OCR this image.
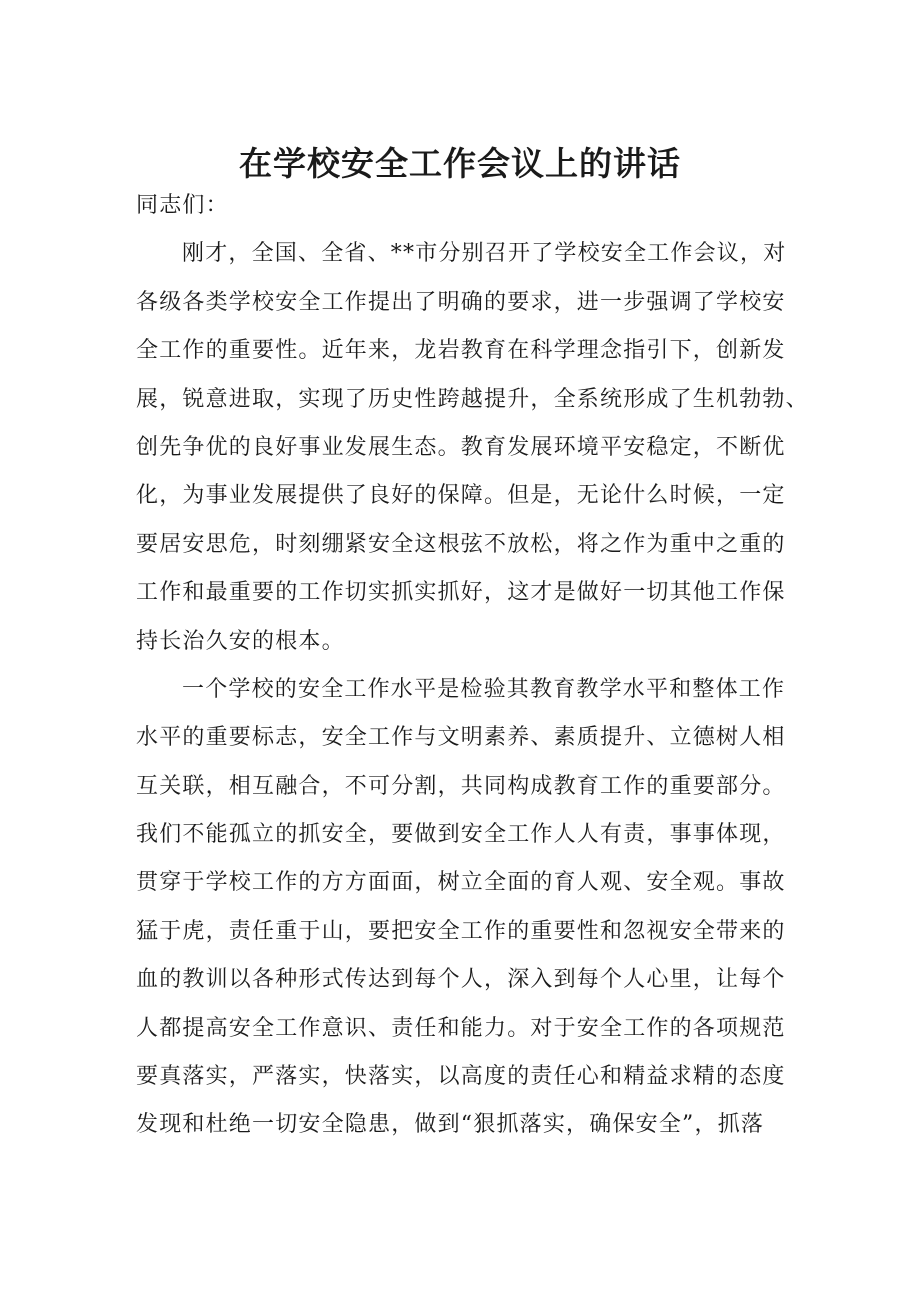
在学校安全工作会议上的讲话
同志们：
刚才，全国、全省、**市分别召开了学校安全工作会议，对
各级各类学校安全工作提出了明确的要求，进一步强调了学校安
全工作的重要性。近年来，龙岩教育在科学理念指引下，创新发
展，锐意进取，实现了历史性跨越提升，全系统形成了生机勃勃、
创先争优的良好事业发展生态。教育发展环境平安稳定，不断优
化，为事业发展提供了良好的保障。但是，无论什么时候，一定
要居安思危，时刻绷紧安全这根弦不放松，将之作为重中之重的
工作和最重要的工作切实抓实抓好，这才是做好一切其他工作保
持长治久安的根本。
一个学校的安全工作水平是检验其教育教学水平和整体工作
水平的重要标志，安全工作与文明素养、素质提升、立德树人相
互关联，相互融合，不可分割，共同构成教育工作的重要部分。
我们不能孤立的抓安全，要做到安全工作人人有责，事事体现，
贯穿于学校工作的方方面面，树立全面的育人观、安全观。事故
猛于虎，责任重于山，要把安全工作的重要性和忽视安全带来的
血的教训以各种形式传达到每个人，深入到每个人心里，让每个
人都提高安全工作意识、责任和能力。对于安全工作的各项规范
要真落实，严落实，快落实，以高度的责任心和精益求精的态度
发现和杜绝一切安全隐患，做到“狠抓落实，确保安全”，抓落
